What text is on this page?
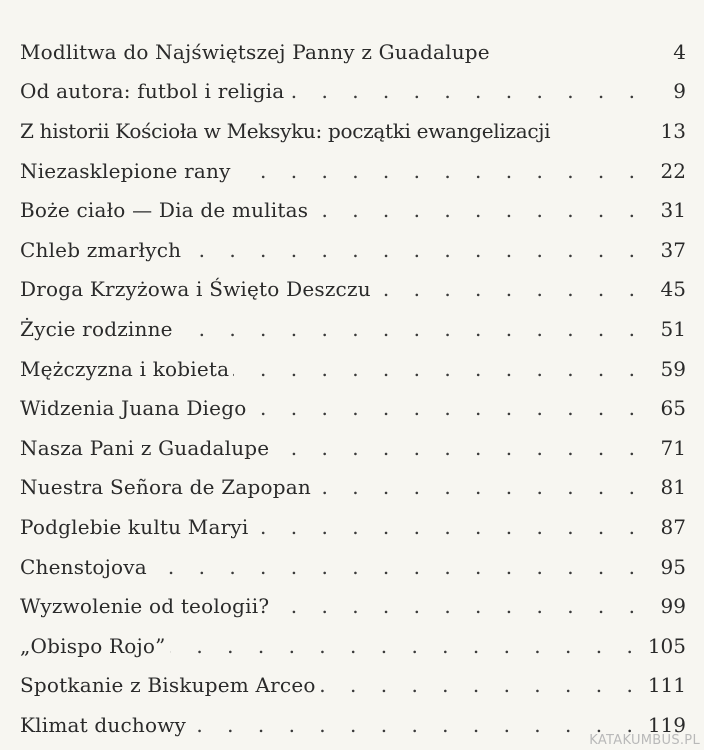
Modlitwa do Najświętszej Panny z Guadalupe	4
Od autora: futbol i religia . . .	9
Z historii Kościoła w Meksyku: początki ewangelizacji	13
Niezasklepione rany . . .	22
Boże ciało — Dia de mulitas . . .	31
Chleb zmarłych . . .	37
Droga Krzyżowa i Święto Deszczu . . .	45
Życie rodzinne . . .	51
Mężczyzna i kobieta . . .	59
Widzenia Juana Diego . . .	65
Nasza Pani z Guadalupe . . .	71
Nuestra Señora de Zapopan . . .	81
Podglebie kultu Maryi . . .	87
Chenstojova . . .	95
Wyzwolenie od teologii? . . .	99
„Obispo Rojo” . . .	105
Spotkanie z Biskupem Arceo . . .	111
Klimat duchowy . . .	119
KATAKUMBUS.PL
